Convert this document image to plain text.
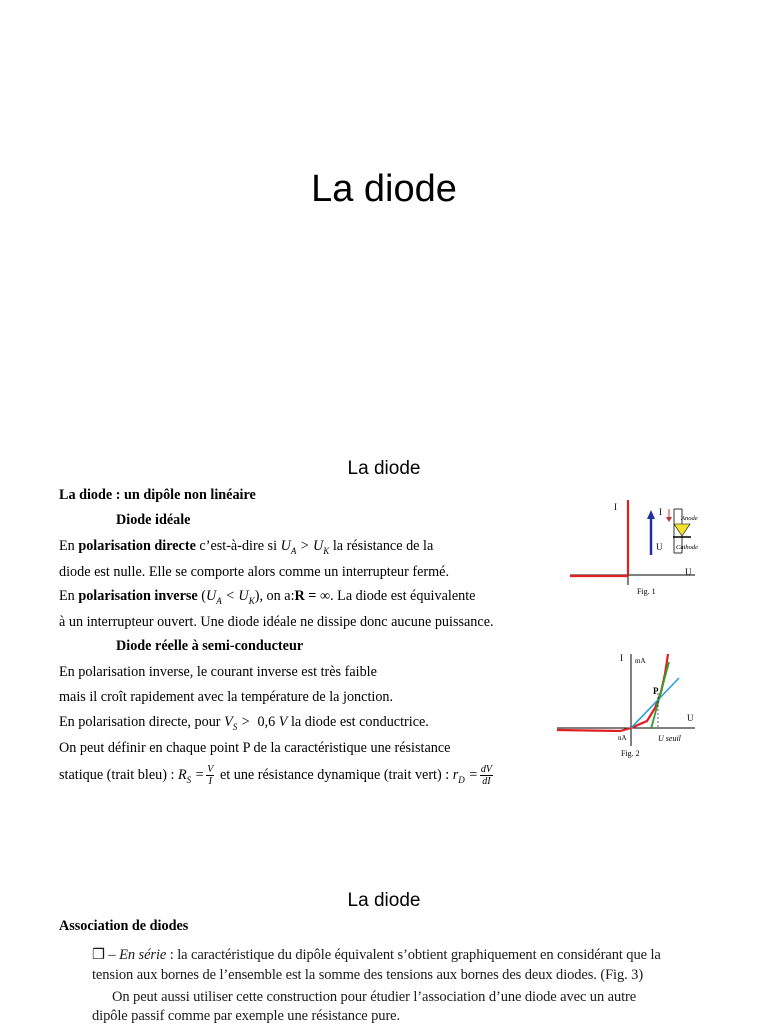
La diode
La diode
La diode : un dipôle non linéaire
Diode idéale
En polarisation directe c’est-à-dire si $U_A > U_K$ la résistance de la
diode est nulle. Elle se comporte alors comme un interrupteur fermé.
En polarisation inverse $(U_A < U_K)$, on a:R = ∞. La diode est équivalente
à un interrupteur ouvert. Une diode idéale ne dissipe donc aucune puissance.
Diode réelle à semi-conducteur
En polarisation inverse, le courant inverse est très faible
mais il croît rapidement avec la température de la jonction.
En polarisation directe, pour $V_S > 0,6$ V la diode est conductrice.
On peut définir en chaque point P de la caractéristique une résistance
statique (trait bleu) : $R_S = \frac{V}{I}$ et une résistance dynamique (trait vert) : $r_D = \frac{dV}{dI}$
I
U
I
U
Anode
Cathode
Fig. 1
I mA
P
U
nA	U seuil
Fig. 2
La diode
Association de diodes
❒ – En série : la caractéristique du dipôle équivalent s’obtient graphiquement en considérant que la
tension aux bornes de l’ensemble est la somme des tensions aux bornes des deux diodes. (Fig. 3)
On peut aussi utiliser cette construction pour étudier l’association d’une diode avec un autre
dipôle passif comme par exemple une résistance pure.
